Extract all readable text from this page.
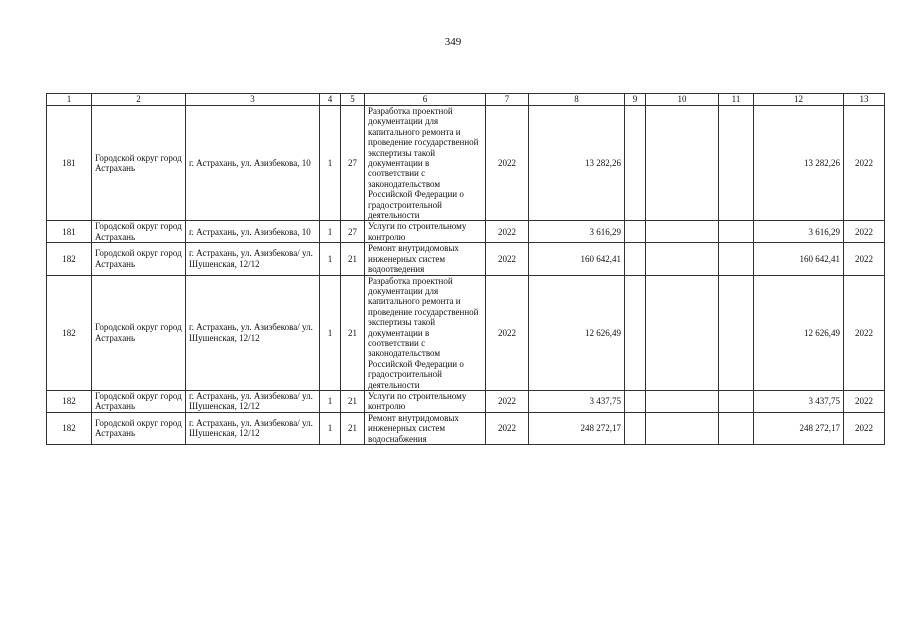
349
1	2	3	4	5	6	7	8	9	10	11	12	13
181	Городской округ город Астрахань	г. Астрахань, ул. Азизбекова, 10	1	27	Разработка проектной документации для капитального ремонта и проведение государственной экспертизы такой документации в соответствии с законодательством Российской Федерации о градостроительной деятельности	2022	13 282,26				13 282,26	2022
181	Городской округ город Астрахань	г. Астрахань, ул. Азизбекова, 10	1	27	Услуги по строительному контролю	2022	3 616,29				3 616,29	2022
182	Городской округ город Астрахань	г. Астрахань, ул. Азизбекова/ ул. Шушенская, 12/12	1	21	Ремонт внутридомовых инженерных систем водоотведения	2022	160 642,41				160 642,41	2022
182	Городской округ город Астрахань	г. Астрахань, ул. Азизбекова/ ул. Шушенская, 12/12	1	21	Разработка проектной документации для капитального ремонта и проведение государственной экспертизы такой документации в соответствии с законодательством Российской Федерации о градостроительной деятельности	2022	12 626,49				12 626,49	2022
182	Городской округ город Астрахань	г. Астрахань, ул. Азизбекова/ ул. Шушенская, 12/12	1	21	Услуги по строительному контролю	2022	3 437,75				3 437,75	2022
182	Городской округ город Астрахань	г. Астрахань, ул. Азизбекова/ ул. Шушенская, 12/12	1	21	Ремонт внутридомовых инженерных систем водоснабжения	2022	248 272,17				248 272,17	2022
